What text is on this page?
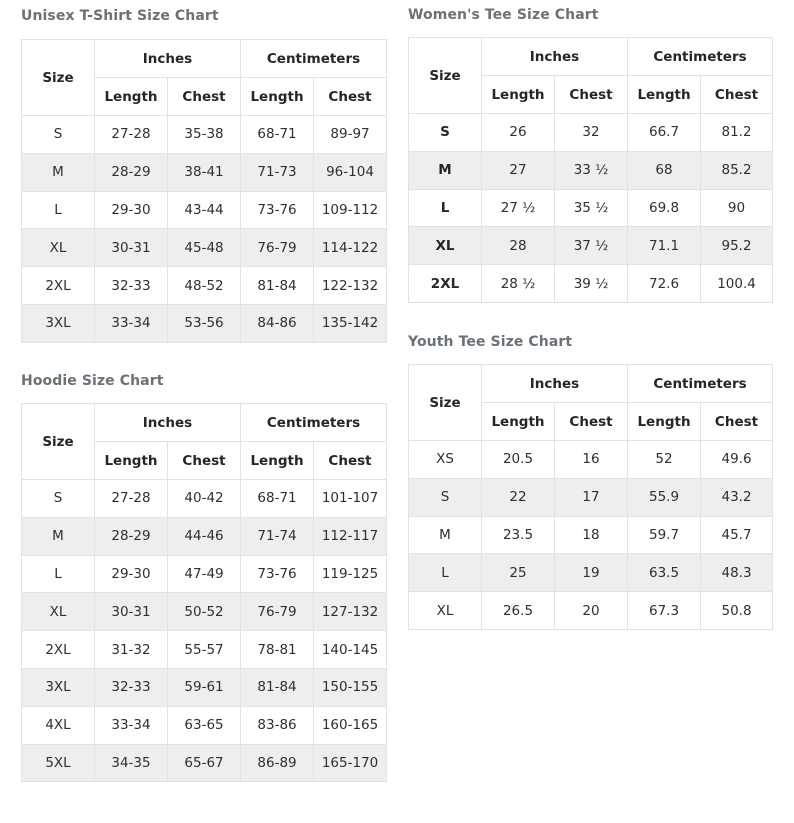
Unisex T-Shirt Size Chart
Size	Inches		Centimeters	
	Length	Chest	Length	Chest
S	27-28	35-38	68-71	89-97
M	28-29	38-41	71-73	96-104
L	29-30	43-44	73-76	109-112
XL	30-31	45-48	76-79	114-122
2XL	32-33	48-52	81-84	122-132
3XL	33-34	53-56	84-86	135-142
Women's Tee Size Chart
Size	Inches		Centimeters	
	Length	Chest	Length	Chest
S	26	32	66.7	81.2
M	27	33 ½	68	85.2
L	27 ½	35 ½	69.8	90
XL	28	37 ½	71.1	95.2
2XL	28 ½	39 ½	72.6	100.4
Youth Tee Size Chart
Size	Inches		Centimeters	
	Length	Chest	Length	Chest
XS	20.5	16	52	49.6
S	22	17	55.9	43.2
M	23.5	18	59.7	45.7
L	25	19	63.5	48.3
XL	26.5	20	67.3	50.8
Hoodie Size Chart
Size	Inches		Centimeters	
	Length	Chest	Length	Chest
S	27-28	40-42	68-71	101-107
M	28-29	44-46	71-74	112-117
L	29-30	47-49	73-76	119-125
XL	30-31	50-52	76-79	127-132
2XL	31-32	55-57	78-81	140-145
3XL	32-33	59-61	81-84	150-155
4XL	33-34	63-65	83-86	160-165
5XL	34-35	65-67	86-89	165-170
